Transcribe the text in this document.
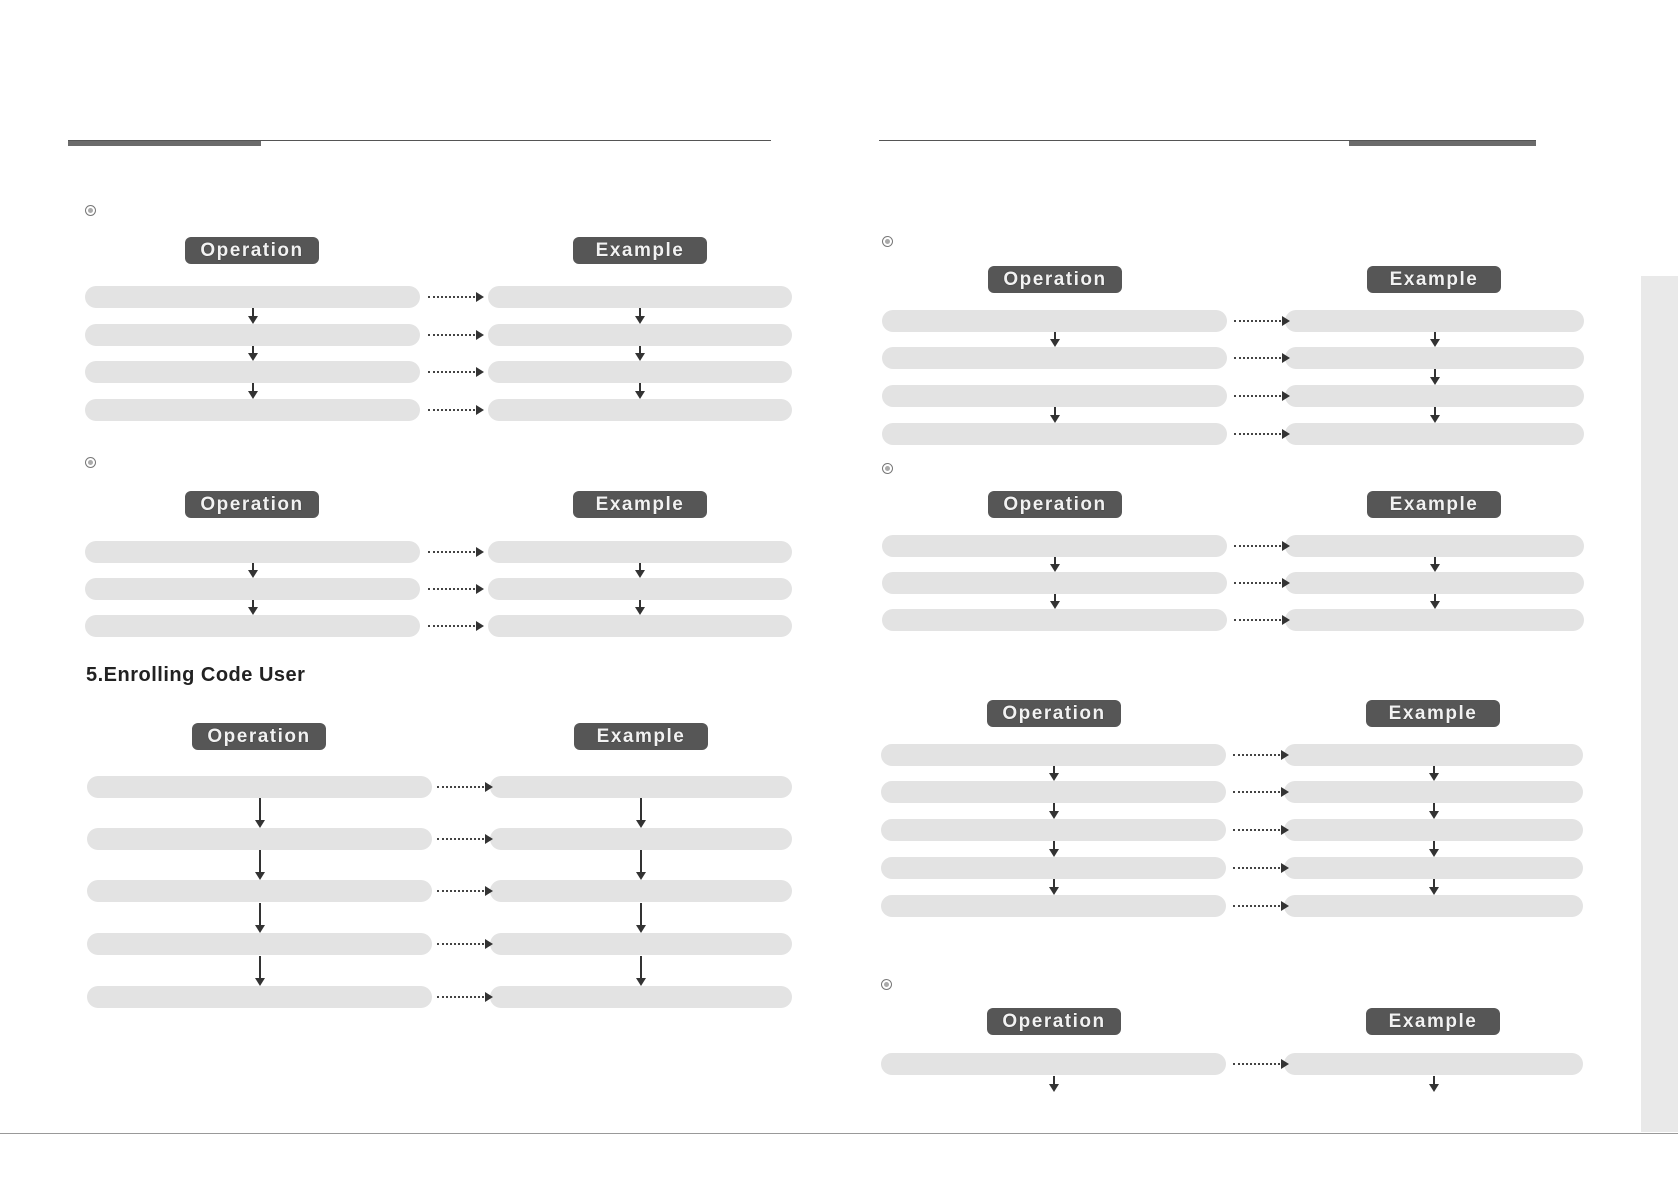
5.Enrolling Code User
Operation	Example
Operation	Example
Operation	Example
Operation	Example
Operation	Example
Operation	Example
Operation	Example
